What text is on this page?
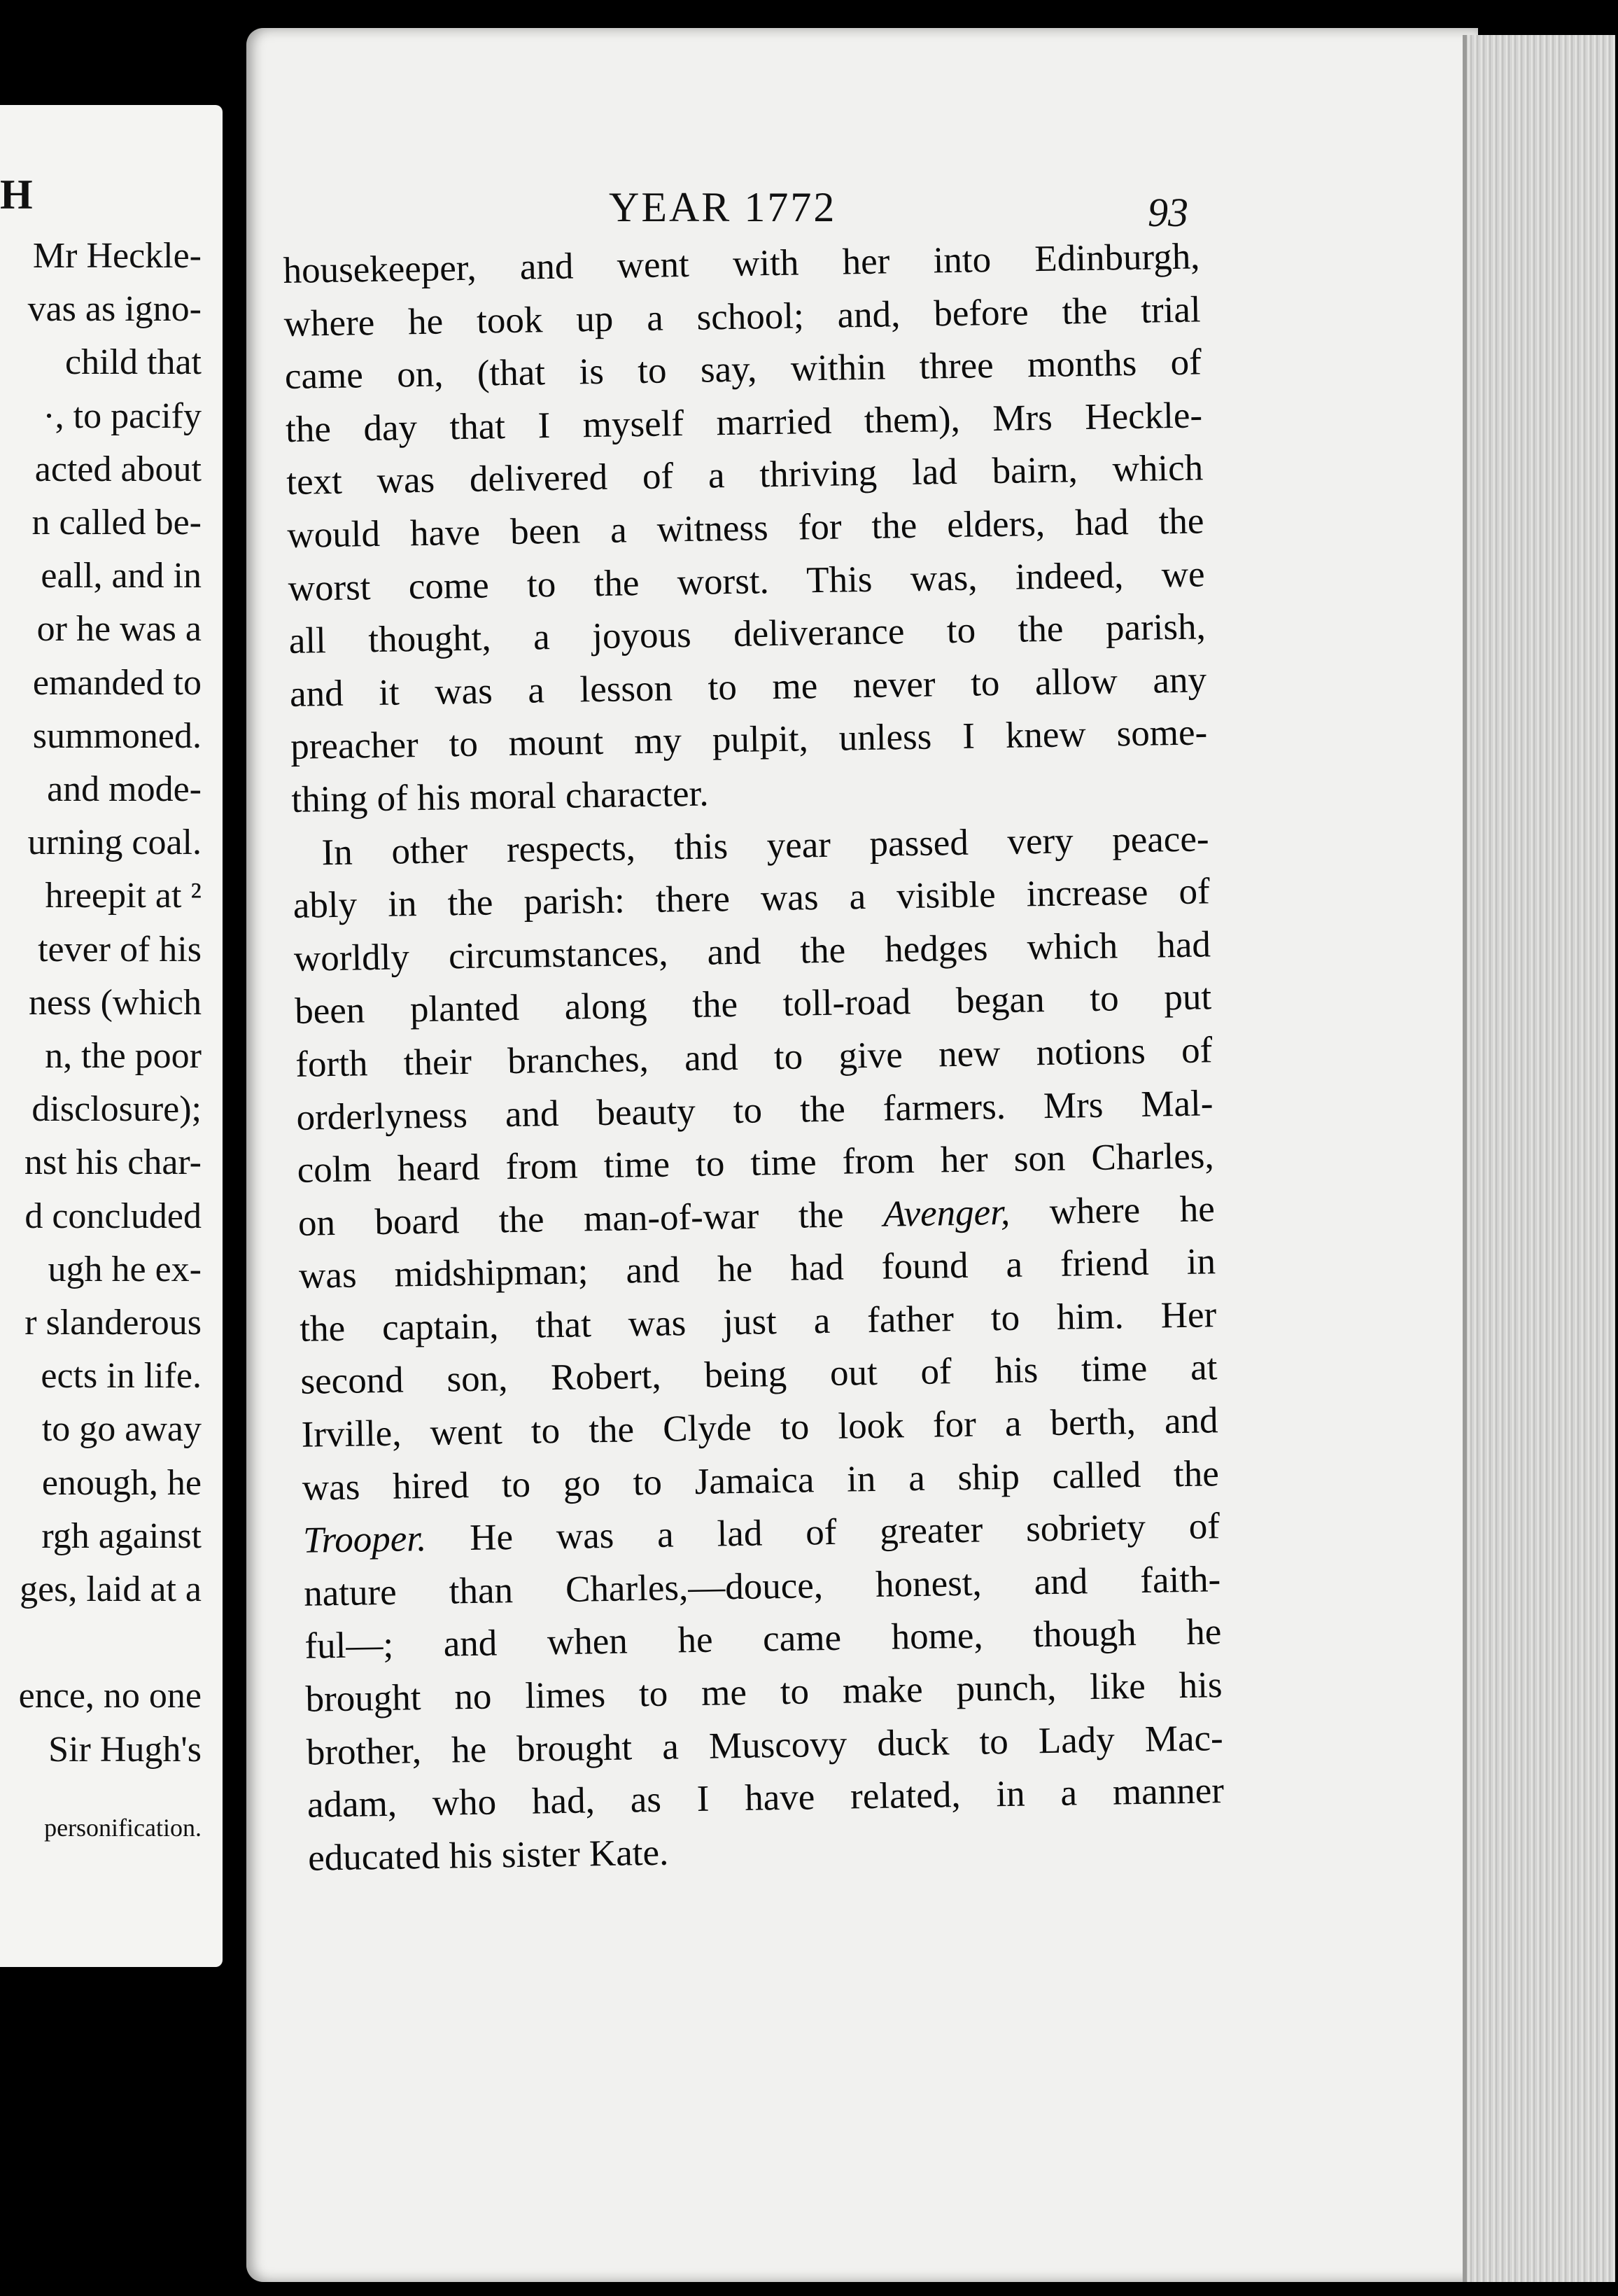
H
Mr Heckle-
vas as igno-
child that
·, to pacify
acted about
n called be-
eall, and in
or he was a
emanded to
summoned.
and mode-
urning coal.
hreepit at ²
tever of his
ness (which
n, the poor
disclosure);
nst his char-
d concluded
ugh he ex-
r slanderous
ects in life.
to go away
enough, he
rgh against
ges, laid at a
ence, no one
Sir Hugh's
personification.
YEAR 1772	93
housekeeper, and went with her into Edinburgh,
where he took up a school; and, before the trial
came on, (that is to say, within three months of
the day that I myself married them), Mrs Heckle-
text was delivered of a thriving lad bairn, which
would have been a witness for the elders, had the
worst come to the worst. This was, indeed, we
all thought, a joyous deliverance to the parish,
and it was a lesson to me never to allow any
preacher to mount my pulpit, unless I knew some-
thing of his moral character.
In other respects, this year passed very peace-
ably in the parish: there was a visible increase of
worldly circumstances, and the hedges which had
been planted along the toll-road began to put
forth their branches, and to give new notions of
orderlyness and beauty to the farmers. Mrs Mal-
colm heard from time to time from her son Charles,
on board the man-of-war the Avenger, where he
was midshipman; and he had found a friend in
the captain, that was just a father to him. Her
second son, Robert, being out of his time at
Irville, went to the Clyde to look for a berth, and
was hired to go to Jamaica in a ship called the
Trooper. He was a lad of greater sobriety of
nature than Charles,—douce, honest, and faith-
ful—; and when he came home, though he
brought no limes to me to make punch, like his
brother, he brought a Muscovy duck to Lady Mac-
adam, who had, as I have related, in a manner
educated his sister Kate.
